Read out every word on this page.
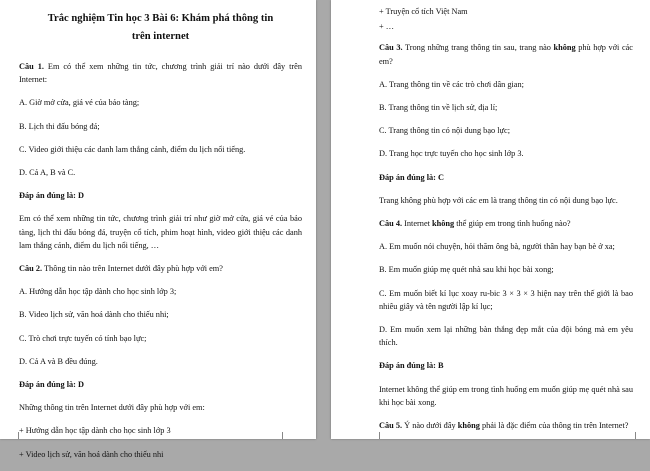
Trắc nghiệm Tin học 3 Bài 6: Khám phá thông tin
trên internet
Câu 1. Em có thể xem những tin tức, chương trình giải trí nào dưới đây trên Internet:
A. Giờ mở cửa, giá vé của bảo tàng;
B. Lịch thi đấu bóng đá;
C. Video giới thiệu các danh lam thắng cảnh, điểm du lịch nổi tiếng.
D. Cả A, B và C.
Đáp án đúng là: D
Em có thể xem những tin tức, chương trình giải trí như giờ mở cửa, giá vé của bảo tàng, lịch thi đấu bóng đá, truyện cổ tích, phim hoạt hình, video giới thiệu các danh lam thắng cảnh, điểm du lịch nổi tiếng, …
Câu 2. Thông tin nào trên Internet dưới đây phù hợp với em?
A. Hướng dẫn học tập dành cho học sinh lớp 3;
B. Video lịch sử, văn hoá dành cho thiếu nhi;
C. Trò chơi trực tuyến có tính bạo lực;
D. Cả A và B đều đúng.
Đáp án đúng là: D
Những thông tin trên Internet dưới đây phù hợp với em:
+ Hướng dẫn học tập dành cho học sinh lớp 3
+ Video lịch sử, văn hoá dành cho thiếu nhi
+ Truyện cổ tích Việt Nam
+ …
Câu 3. Trong những trang thông tin sau, trang nào không phù hợp với các em?
A. Trang thông tin về các trò chơi dân gian;
B. Trang thông tin về lịch sử, địa lí;
C. Trang thông tin có nội dung bạo lực;
D. Trang học trực tuyến cho học sinh lớp 3.
Đáp án đúng là: C
Trang không phù hợp với các em là trang thông tin có nội dung bạo lực.
Câu 4. Internet không thể giúp em trong tình huống nào?
A. Em muốn nói chuyện, hỏi thăm ông bà, người thân hay bạn bè ở xa;
B. Em muốn giúp mẹ quét nhà sau khi học bài xong;
C. Em muốn biết kỉ lục xoay ru-bic 3 × 3 × 3 hiện nay trên thế giới là bao nhiêu giây và tên người lập kỉ lục;
D. Em muốn xem lại những bàn thắng đẹp mắt của đội bóng mà em yêu thích.
Đáp án đúng là: B
Internet không thể giúp em trong tình huống em muốn giúp mẹ quét nhà sau khi học bài xong.
Câu 5. Ý nào dưới đây không phải là đặc điểm của thông tin trên Internet?
